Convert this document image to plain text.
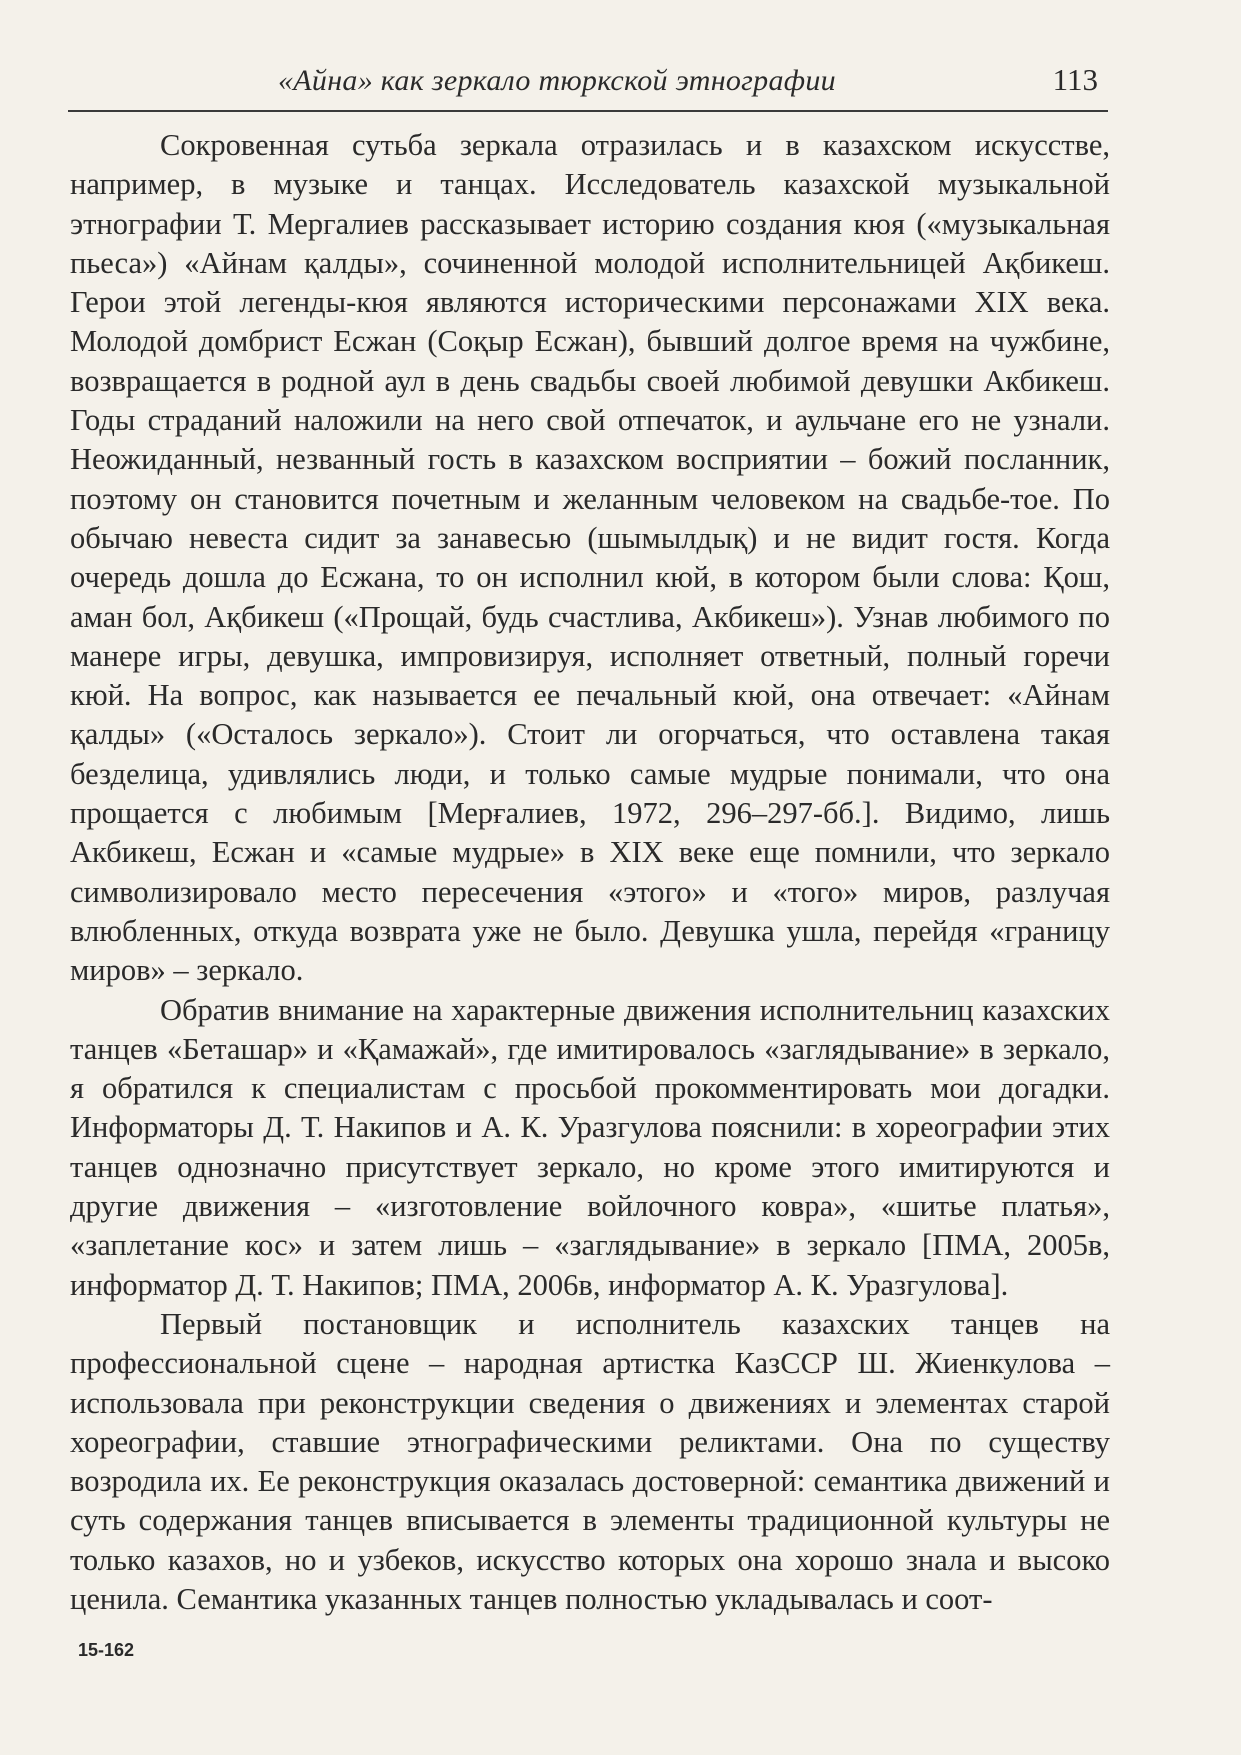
«Айна» как зеркало тюркской этнографии	113

Сокровенная сутьба зеркала отразилась и в казахском искусстве, например, в музыке и танцах. Исследователь казахской музыкальной этнографии Т. Мергалиев рассказывает историю создания кюя («музыкальная пьеса») «Айнам қалды», сочиненной молодой исполнительницей Ақбикеш. Герои этой легенды-кюя являются историческими персонажами XIX века. Молодой домбрист Есжан (Соқыр Есжан), бывший долгое время на чужбине, возвращается в родной аул в день свадьбы своей любимой девушки Акбикеш. Годы страданий наложили на него свой отпечаток, и аульчане его не узнали. Неожиданный, незванный гость в казахском восприятии – божий посланник, поэтому он становится почетным и желанным человеком на свадьбе-тое. По обычаю невеста сидит за занавесью (шымылдық) и не видит гостя. Когда очередь дошла до Есжана, то он исполнил кюй, в котором были слова: Қош, аман бол, Ақбикеш («Прощай, будь счастлива, Акбикеш»). Узнав любимого по манере игры, девушка, импровизируя, исполняет ответный, полный горечи кюй. На вопрос, как называется ее печальный кюй, она отвечает: «Айнам қалды» («Осталось зеркало»). Стоит ли огорчаться, что оставлена такая безделица, удивлялись люди, и только самые мудрые понимали, что она прощается с любимым [Мерғалиев, 1972, 296–297-бб.]. Видимо, лишь Акбикеш, Есжан и «самые мудрые» в XIX веке еще помнили, что зеркало символизировало место пересечения «этого» и «того» миров, разлучая влюбленных, откуда возврата уже не было. Девушка ушла, перейдя «границу миров» – зеркало.

Обратив внимание на характерные движения исполнительниц казахских танцев «Беташар» и «Қамажай», где имитировалось «заглядывание» в зеркало, я обратился к специалистам с просьбой прокомментировать мои догадки. Информаторы Д. Т. Накипов и А. К. Уразгулова пояснили: в хореографии этих танцев однозначно присутствует зеркало, но кроме этого имитируются и другие движения – «изготовление войлочного ковра», «шитье платья», «заплетание кос» и затем лишь – «заглядывание» в зеркало [ПМА, 2005в, информатор Д. Т. Накипов; ПМА, 2006в, информатор А. К. Уразгулова].

Первый постановщик и исполнитель казахских танцев на профессиональной сцене – народная артистка КазССР Ш. Жиенкулова – использовала при реконструкции сведения о движениях и элементах старой хореографии, ставшие этнографическими реликтами. Она по существу возродила их. Ее реконструкция оказалась достоверной: семантика движений и суть содержания танцев вписывается в элементы традиционной культуры не только казахов, но и узбеков, искусство которых она хорошо знала и высоко ценила. Семантика указанных танцев полностью укладывалась и соот-

15-162
